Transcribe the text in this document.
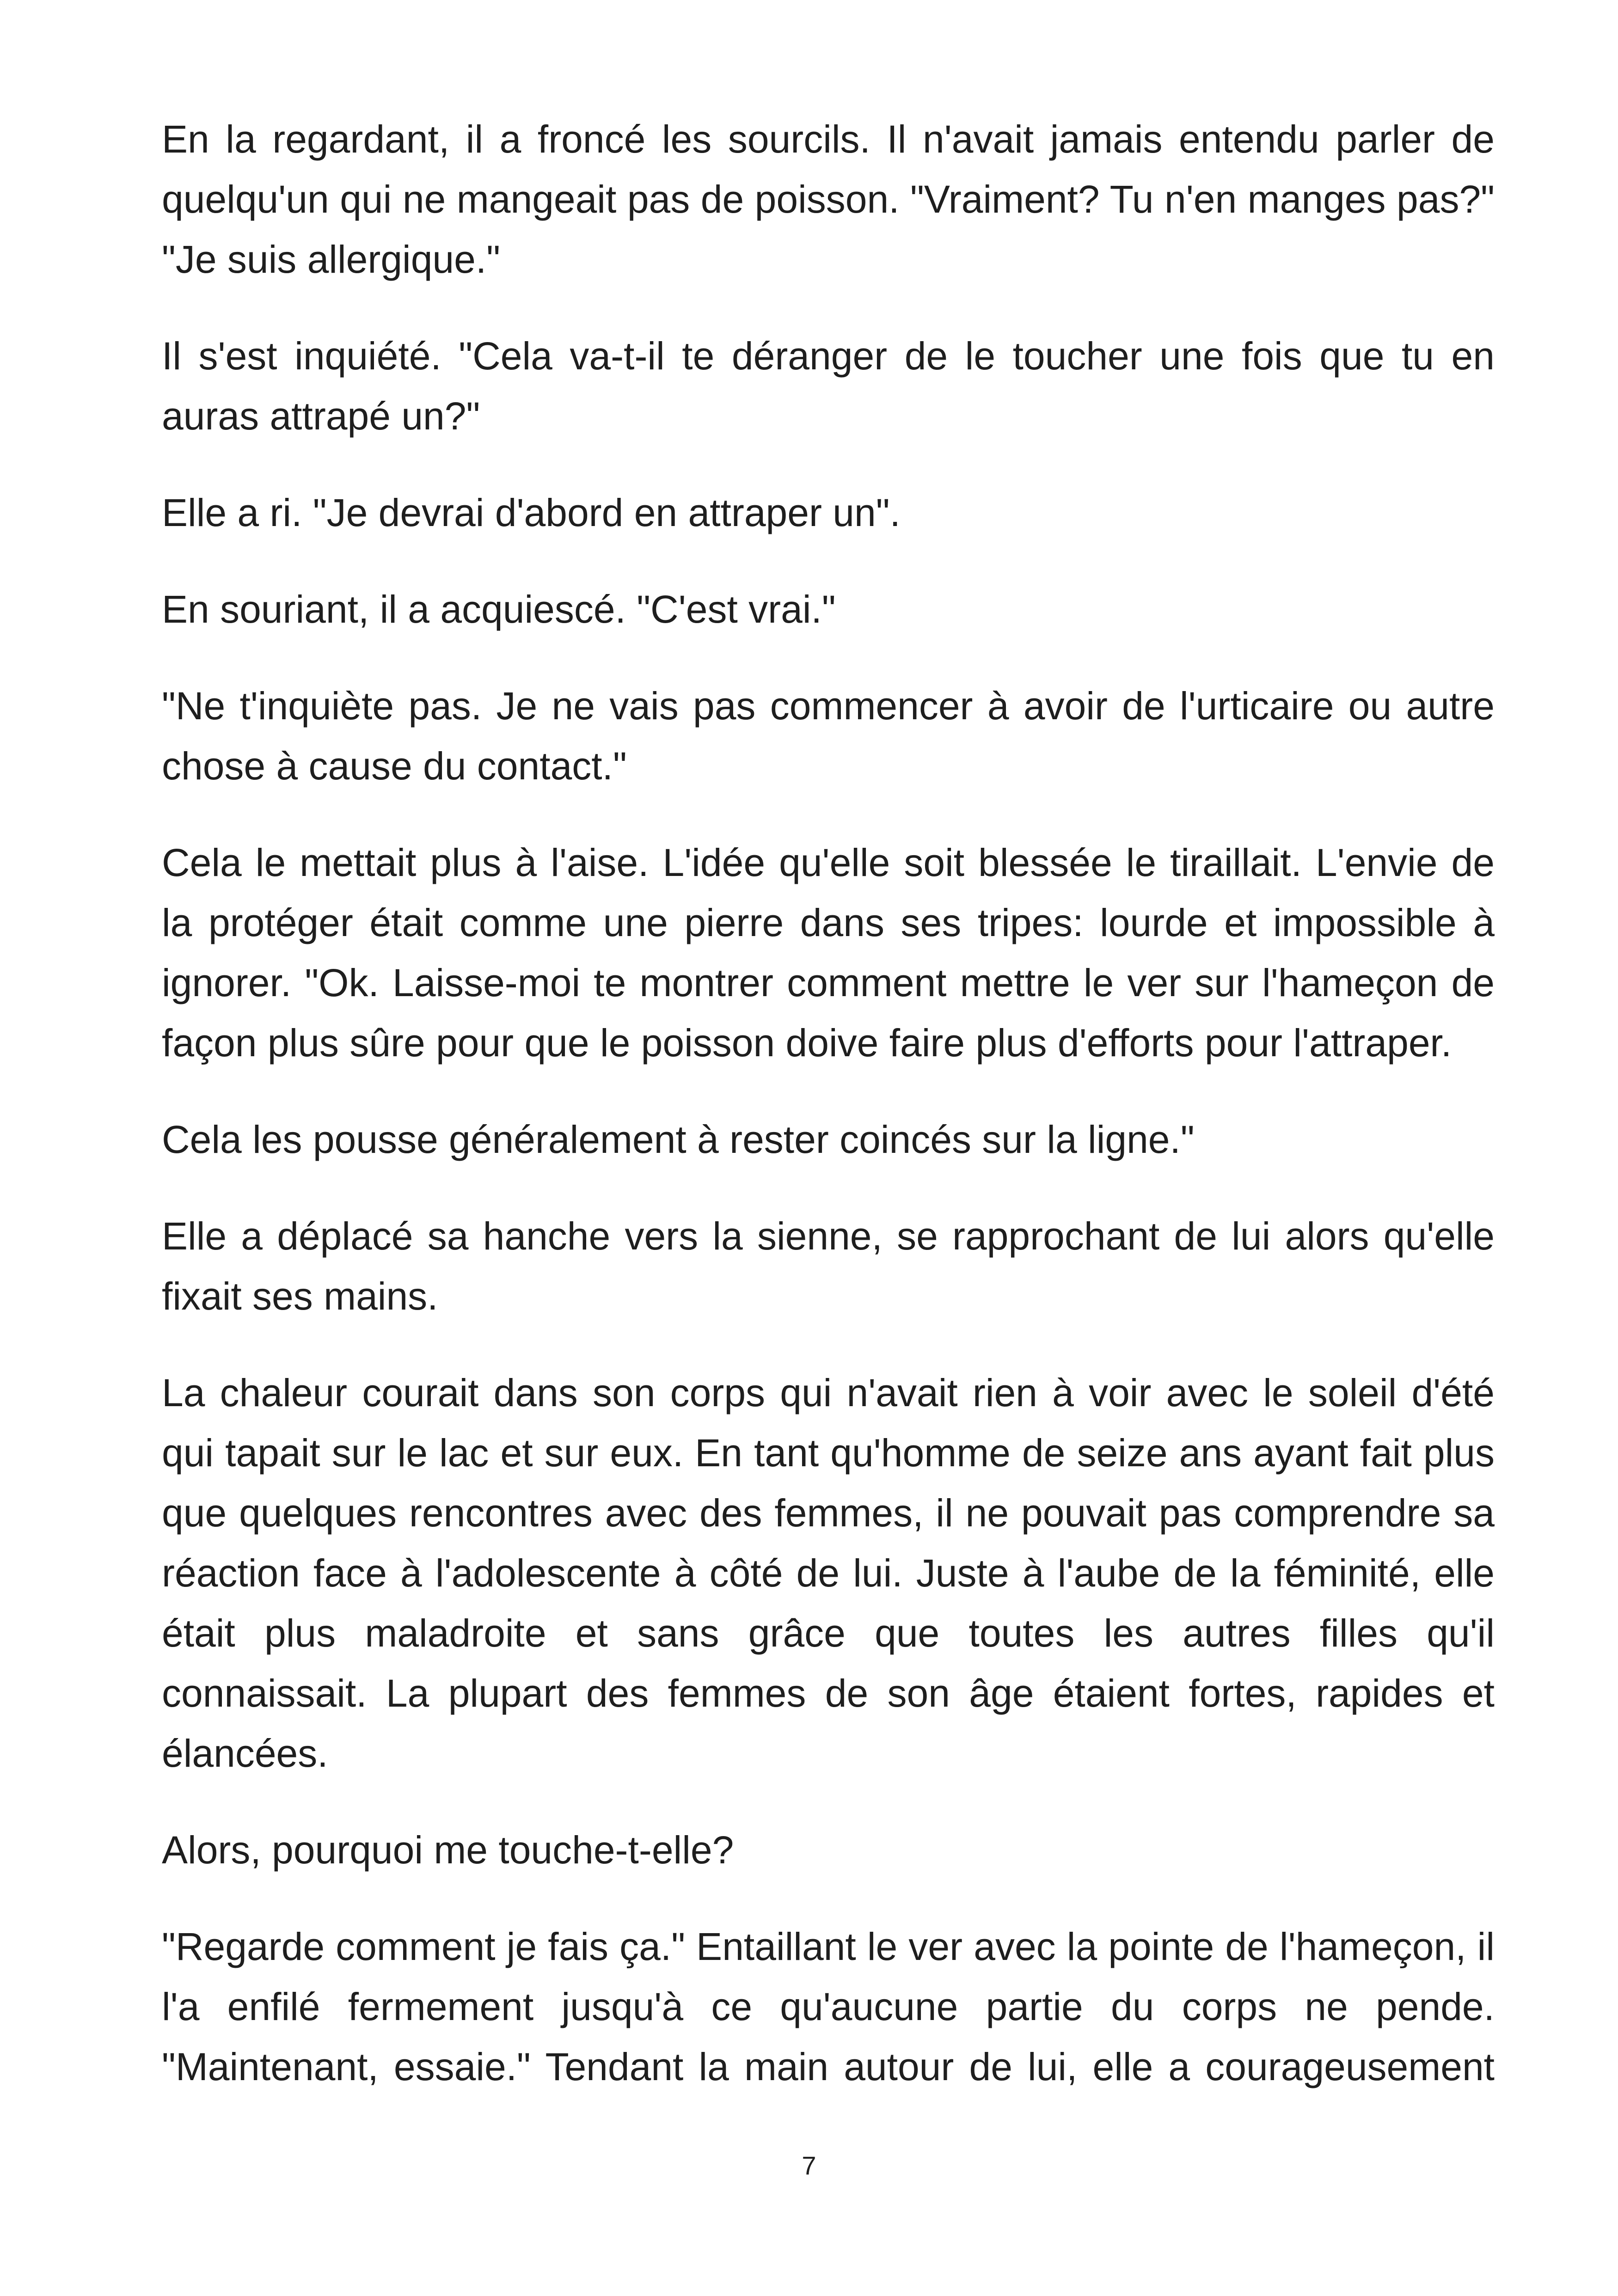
En la regardant, il a froncé les sourcils. Il n'avait jamais entendu parler de quelqu'un qui ne mangeait pas de poisson. "Vraiment? Tu n'en manges pas?" "Je suis allergique."

Il s'est inquiété. "Cela va-t-il te déranger de le toucher une fois que tu en auras attrapé un?"

Elle a ri. "Je devrai d'abord en attraper un".

En souriant, il a acquiescé. "C'est vrai."

"Ne t'inquiète pas. Je ne vais pas commencer à avoir de l'urticaire ou autre chose à cause du contact."

Cela le mettait plus à l'aise. L'idée qu'elle soit blessée le tiraillait. L'envie de la protéger était comme une pierre dans ses tripes: lourde et impossible à ignorer. "Ok. Laisse-moi te montrer comment mettre le ver sur l'hameçon de façon plus sûre pour que le poisson doive faire plus d'efforts pour l'attraper.

Cela les pousse généralement à rester coincés sur la ligne."

Elle a déplacé sa hanche vers la sienne, se rapprochant de lui alors qu'elle fixait ses mains.

La chaleur courait dans son corps qui n'avait rien à voir avec le soleil d'été qui tapait sur le lac et sur eux. En tant qu'homme de seize ans ayant fait plus que quelques rencontres avec des femmes, il ne pouvait pas comprendre sa réaction face à l'adolescente à côté de lui. Juste à l'aube de la féminité, elle était plus maladroite et sans grâce que toutes les autres filles qu'il connaissait. La plupart des femmes de son âge étaient fortes, rapides et élancées.

Alors, pourquoi me touche-t-elle?

"Regarde comment je fais ça." Entaillant le ver avec la pointe de l'hameçon, il l'a enfilé fermement jusqu'à ce qu'aucune partie du corps ne pende. "Maintenant, essaie." Tendant la main autour de lui, elle a courageusement

7
